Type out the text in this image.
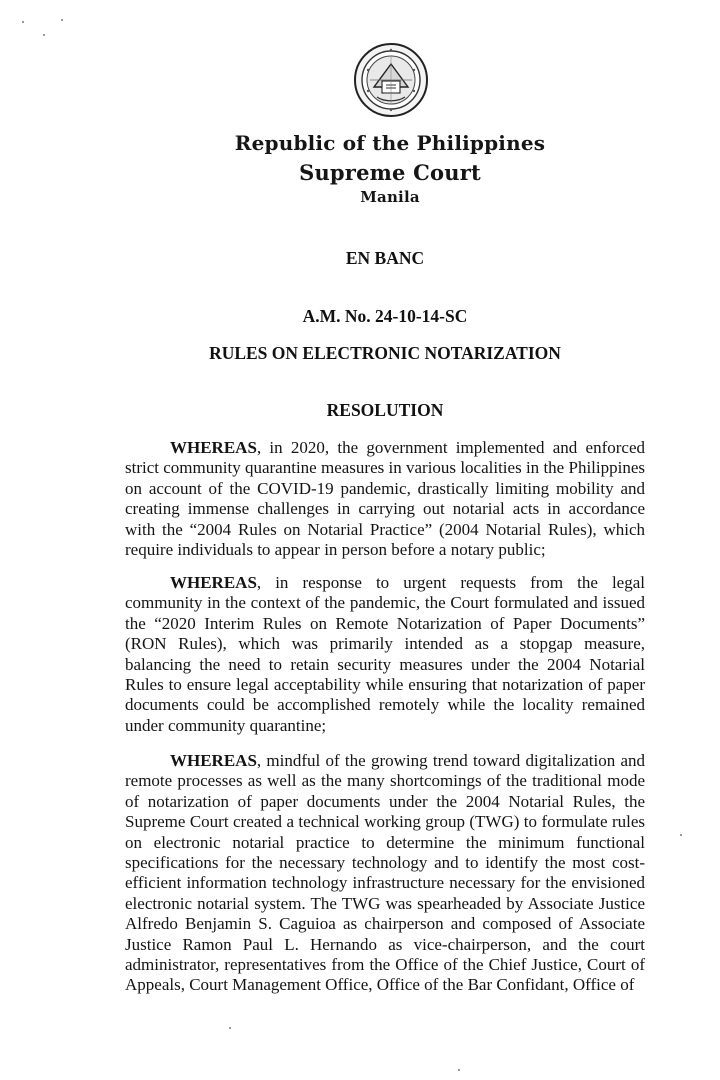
Republic of the Philippines
Supreme Court
Manila
EN BANC
A.M. No. 24-10-14-SC
RULES ON ELECTRONIC NOTARIZATION
RESOLUTION

WHEREAS, in 2020, the government implemented and enforced strict community quarantine measures in various localities in the Philippines on account of the COVID-19 pandemic, drastically limiting mobility and creating immense challenges in carrying out notarial acts in accordance with the “2004 Rules on Notarial Practice” (2004 Notarial Rules), which require individuals to appear in person before a notary public;

WHEREAS, in response to urgent requests from the legal community in the context of the pandemic, the Court formulated and issued the “2020 Interim Rules on Remote Notarization of Paper Documents” (RON Rules), which was primarily intended as a stopgap measure, balancing the need to retain security measures under the 2004 Notarial Rules to ensure legal acceptability while ensuring that notarization of paper documents could be accomplished remotely while the locality remained under community quarantine;

WHEREAS, mindful of the growing trend toward digitalization and remote processes as well as the many shortcomings of the traditional mode of notarization of paper documents under the 2004 Notarial Rules, the Supreme Court created a technical working group (TWG) to formulate rules on electronic notarial practice to determine the minimum functional specifications for the necessary technology and to identify the most cost-efficient information technology infrastructure necessary for the envisioned electronic notarial system. The TWG was spearheaded by Associate Justice Alfredo Benjamin S. Caguioa as chairperson and composed of Associate Justice Ramon Paul L. Hernando as vice-chairperson, and the court administrator, representatives from the Office of the Chief Justice, Court of Appeals, Court Management Office, Office of the Bar Confidant, Office of
